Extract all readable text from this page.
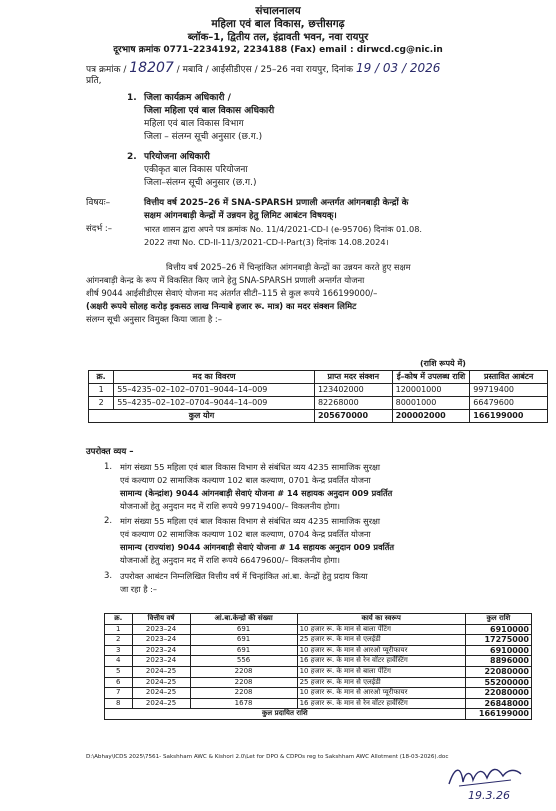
संचालनालय
महिला एवं बाल विकास, छत्तीसगढ़
ब्लॉक–1, द्वितीय तल, इंद्रावती भवन, नवा रायपुर
दूरभाष क्रमांक 0771–2234192, 2234188 (Fax) email : dirwcd.cg@nic.in
पत्र क्रमांक / 18207 / मबावि / आईसीडीएस / 25–26 नवा रायपुर, दिनांक 19 / 03 / 2026
प्रति,
1. जिला कार्यक्रम अधिकारी /
जिला महिला एवं बाल विकास अधिकारी
महिला एवं बाल विकास विभाग
जिला – संलग्न सूची अनुसार (छ.ग.)
2. परियोजना अधिकारी
एकीकृत बाल विकास परियोजना
जिला–संलग्न सूची अनुसार (छ.ग.)
विषयः–	वित्तीय वर्ष 2025–26 में SNA-SPARSH प्रणाली अन्तर्गत आंगनबाड़ी केन्द्रों के
सक्षम आंगनबाड़ी केन्द्रों में उन्नयन हेतु लिमिट आबंटन विषयक्।
संदर्भ :–	भारत शासन द्वारा अपने पत्र क्रमांक No. 11/4/2021-CD-I (e-95706) दिनांक 01.08.
2022 तथा No. CD-II-11/3/2021-CD-I-Part(3) दिनांक 14.08.2024।
वित्तीय वर्ष 2025–26 में चिन्हांकित आंगनबाड़ी केन्द्रों का उन्नयन करते हुए सक्षम
आंगनबाड़ी केन्द्र के रूप में विकसित किए जाने हेतु SNA-SPARSH प्रणाली अन्तर्गत योजना
शीर्ष 9044 आईसीडीएस सेवाएं योजना मद अंतर्गत सीटी–115 से कुल रूपये 166199000/–
(अक्षरी रूपये सोलह करोड़ इकसठ लाख निन्याबे हजार रू. मात्र) का मदर संक्शन लिमिट
संलग्न सूची अनुसार विमुक्त किया जाता है :–
(राशि रूपये में)
क्र.	मद का विवरण	प्राप्त मदर संक्शन	ई–कोष में उपलब्ध राशि	प्रस्तावित आबंटन
1	55–4235–02–102–0701–9044–14–009	123402000	120001000	99719400
2	55–4235–02–102–0704–9044–14–009	82268000	80001000	66479600
कुल योग		205670000	200002000	166199000
उपरोक्त व्यय –
1. मांग संख्या 55 महिला एवं बाल विकास विभाग से संबंधित व्यय 4235 सामाजिक सुरक्षा
एवं कल्याण 02 सामाजिक कल्याण 102 बाल कल्याण, 0701 केन्द्र प्रवर्तित योजना
सामान्य (केन्द्रांश) 9044 आंगनबाड़ी सेवाएं योजना # 14 सहायक अनुदान 009 प्रवर्तित
योजनाओं हेतु अनुदान मद में राशि रूपये 99719400/– विकलनीय होगा।
2. मांग संख्या 55 महिला एवं बाल विकास विभाग से संबंधित व्यय 4235 सामाजिक सुरक्षा
एवं कल्याण 02 सामाजिक कल्याण 102 बाल कल्याण, 0704 केन्द्र प्रवर्तित योजना
सामान्य (राज्यांश) 9044 आंगनबाड़ी सेवाएं योजना # 14 सहायक अनुदान 009 प्रवर्तित
योजनाओं हेतु अनुदान मद में राशि रूपये 66479600/– विकलनीय होगा।
3. उपरोक्त आबंटन निम्नलिखित वित्तीय वर्ष में चिन्हांकित आं.बा. केन्द्रों हेतु प्रदाय किया
जा रहा है :–
क्र.	वित्तीय वर्ष	आं.बा.केन्द्रो की संख्या	कार्य का स्वरूप	कुल राशि
1	2023–24	691	10 हजार रू. के मान से बाला पेंटिंग	6910000
2	2023–24	691	25 हजार रू. के मान से एलईडी	17275000
3	2023–24	691	10 हजार रू. के मान से आरओ प्यूरीफायर	6910000
4	2023–24	556	16 हजार रू. के मान से रेन वॉटर हार्वेस्टिंग	8896000
5	2024–25	2208	10 हजार रू. के मान से बाला पेंटिंग	22080000
6	2024–25	2208	25 हजार रू. के मान से एलईडी	55200000
7	2024–25	2208	10 हजार रू. के मान से आरओ प्यूरीफायर	22080000
8	2024–25	1678	16 हजार रू. के मान से रेन वॉटर हार्वेस्टिंग	26848000
कुल प्रदायित राशि				166199000
D:\Abhay\ICDS 2025\7561- Sakshham AWC & Kishori 2.0\Let for DPO & CDPOs reg to Sakshham AWC Allotment (18-03-2026).doc
19.3.26
